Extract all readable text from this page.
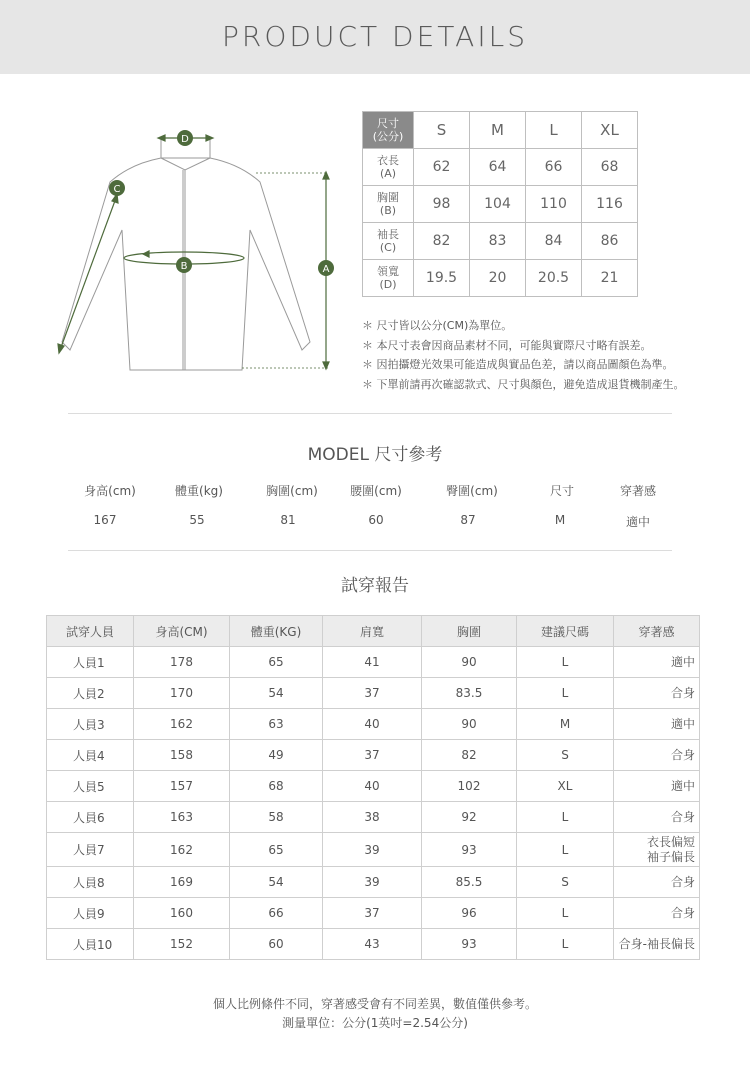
PRODUCT DETAILS
D
C
B	A
尺寸
(公分)	S	M	L	XL

衣長
(A)	62	64	66	68

胸圍
(B)	98	104	110	116

袖長
(C)	82	83	84	86

領寬
(D)	19.5	20	20.5	21
＊ 尺寸皆以公分(CM)為單位。
＊ 本尺寸表會因商品素材不同，可能與實際尺寸略有誤差。
＊ 因拍攝燈光效果可能造成與實品色差，請以商品圖顏色為準。
＊ 下單前請再次確認款式、尺寸與顏色，避免造成退貨機制產生。
MODEL 尺寸參考
身高(cm)	體重(kg)	胸圍(cm)	腰圍(cm)	臀圍(cm)	尺寸	穿著感
167	55	81	60	87	M	適中
試穿報告
試穿人員	身高(CM)	體重(KG)	肩寬	胸圍	建議尺碼	穿著感
人員1	178	65	41	90	L	適中
人員2	170	54	37	83.5	L	合身
人員3	162	63	40	90	M	適中
人員4	158	49	37	82	S	合身
人員5	157	68	40	102	XL	適中
人員6	163	58	38	92	L	合身
人員7	162	65	39	93	L	衣長偏短
袖子偏長
人員8	169	54	39	85.5	S	合身
人員9	160	66	37	96	L	合身
人員10	152	60	43	93	L	合身-袖長偏長
個人比例條件不同，穿著感受會有不同差異，數值僅供參考。
測量單位：公分(1英吋=2.54公分)
